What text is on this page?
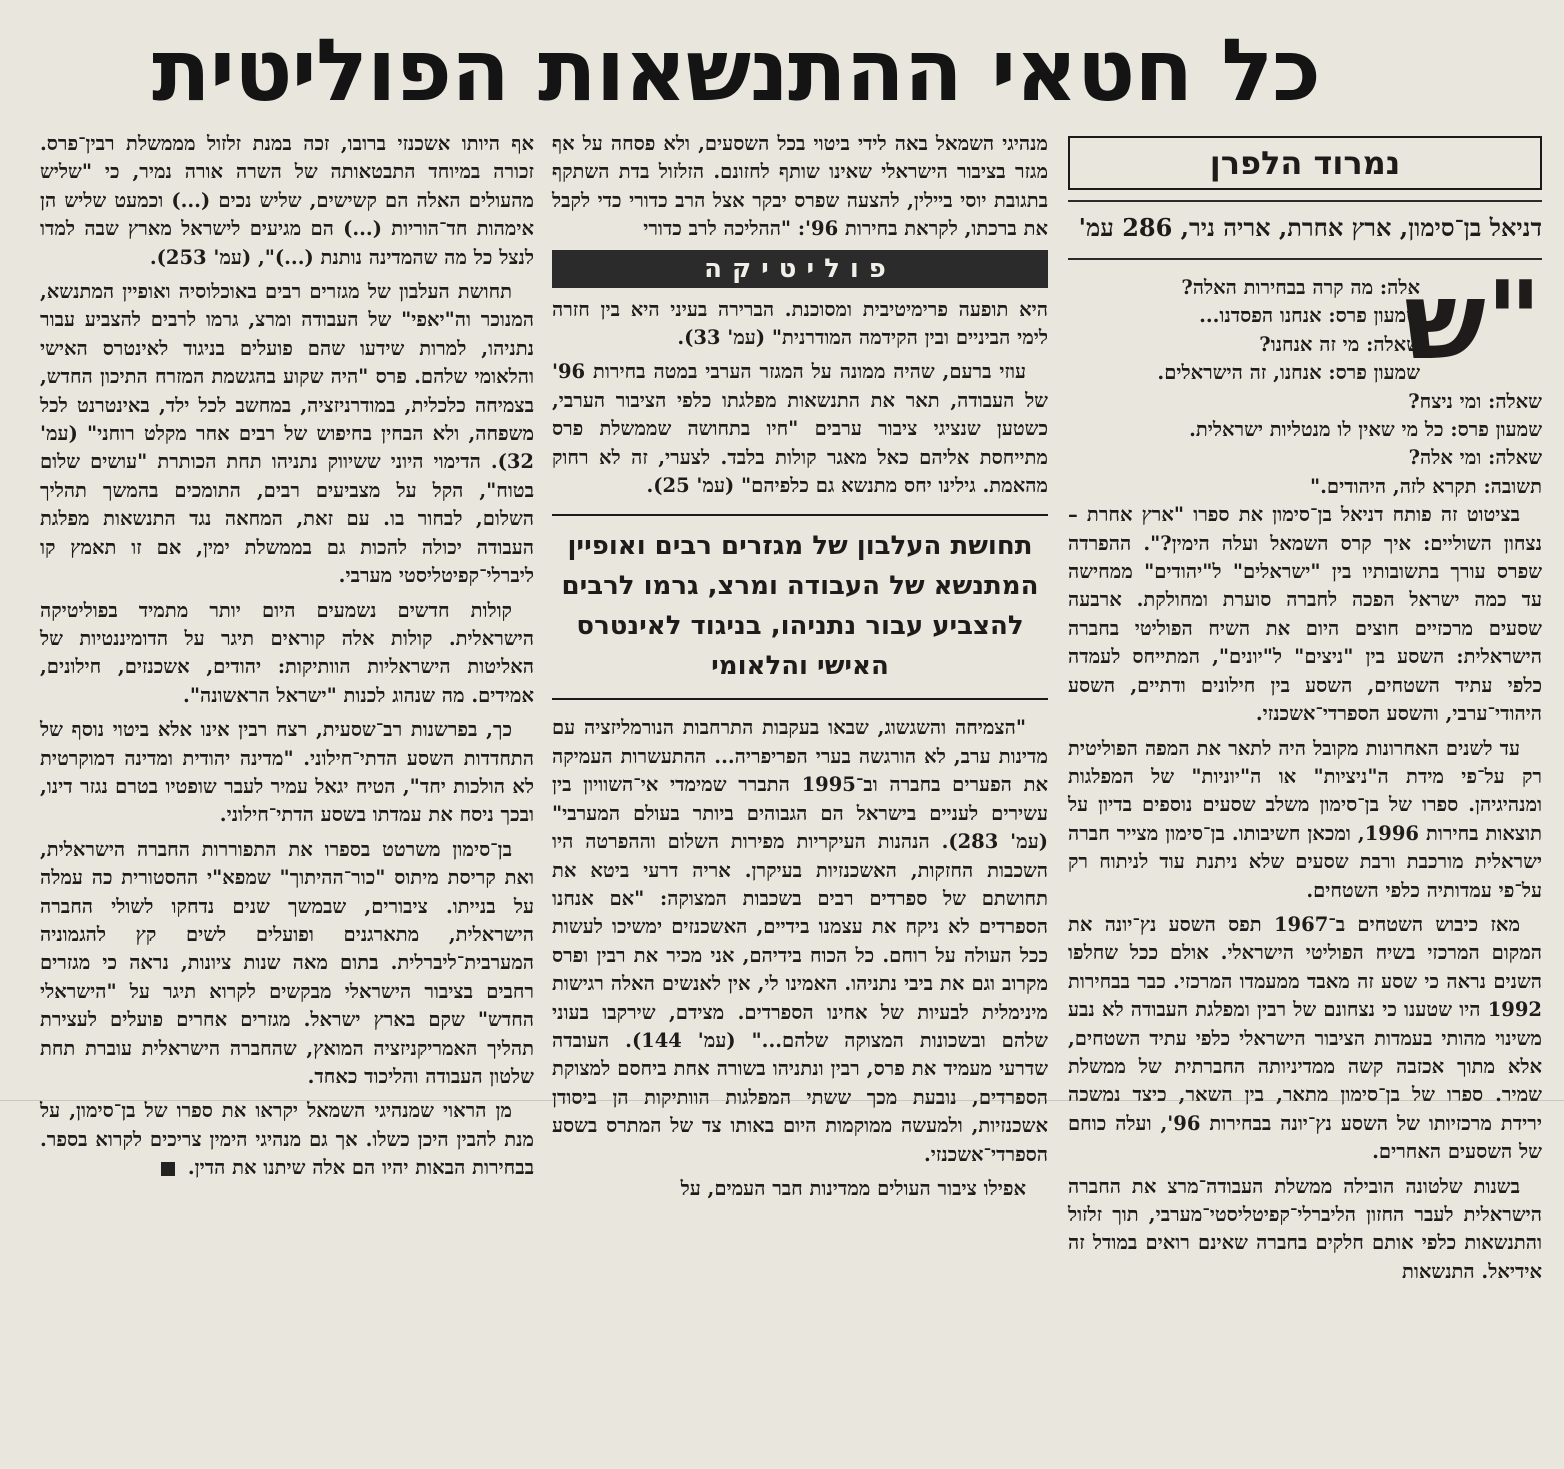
כל חטאי ההתנשאות הפוליטית
נמרוד הלפרן
דניאל בן־סימון, ארץ אחרת, אריה ניר, 286 עמ'
"ש
אלה: מה קרה בבחירות האלה?
שמעון פרס: אנחנו הפסדנו...
שאלה: מי זה אנחנו?
שמעון פרס: אנחנו, זה הישראלים.
שאלה: ומי ניצח?
שמעון פרס: כל מי שאין לו מנטליות ישראלית.
שאלה: ומי אלה?
תשובה: תקרא לזה, היהודים."

בציטוט זה פותח דניאל בן־סימון את ספרו "ארץ אחרת – נצחון השוליים: איך קרס השמאל ועלה הימין?". ההפרדה שפרס עורך בתשובותיו בין "ישראלים" ל"יהודים" ממחישה עד כמה ישראל הפכה לחברה סוערת ומחולקת. ארבעה שסעים מרכזיים חוצים היום את השיח הפוליטי בחברה הישראלית: השסע בין "ניצים" ל"יונים", המתייחס לעמדה כלפי עתיד השטחים, השסע בין חילונים ודתיים, השסע היהודי־ערבי, והשסע הספרדי־אשכנזי.

עד לשנים האחרונות מקובל היה לתאר את המפה הפוליטית רק על־פי מידת ה"ניציות" או ה"יוניות" של המפלגות ומנהיגיהן. ספרו של בן־סימון משלב שסעים נוספים בדיון על תוצאות בחירות 1996, ומכאן חשיבותו. בן־סימון מצייר חברה ישראלית מורכבת ורבת שסעים שלא ניתנת עוד לניתוח רק על־פי עמדותיה כלפי השטחים.

מאז כיבוש השטחים ב־1967 תפס השסע נץ־יונה את המקום המרכזי בשיח הפוליטי הישראלי. אולם ככל שחלפו השנים נראה כי שסע זה מאבד ממעמדו המרכזי. כבר בבחירות 1992 היו שטענו כי נצחונם של רבין ומפלגת העבודה לא נבע משינוי מהותי בעמדות הציבור הישראלי כלפי עתיד השטחים, אלא מתוך אכזבה קשה ממדיניותה החברתית של ממשלת שמיר. ספרו של בן־סימון מתאר, בין השאר, כיצד נמשכה ירידת מרכזיותו של השסע נץ־יונה בבחירות 96', ועלה כוחם של השסעים האחרים.

בשנות שלטונה הובילה ממשלת העבודה־מרצ את החברה הישראלית לעבר החזון הליברלי־קפיטליסטי־מערבי, תוך זלזול והתנשאות כלפי אותם חלקים בחברה שאינם רואים במודל זה אידיאל. התנשאות

מנהיגי השמאל באה לידי ביטוי בכל השסעים, ולא פסחה על אף מגזר בציבור הישראלי שאינו שותף לחזונם. הזלזול בדת השתקף בתגובת יוסי ביילין, להצעה שפרס יבקר אצל הרב כדורי כדי לקבל את ברכתו, לקראת בחירות 96': "ההליכה לרב כדורי

פוליטיקה

היא תופעה פרימיטיבית ומסוכנת. הברירה בעיני היא בין חזרה לימי הביניים ובין הקידמה המודרנית" (עמ' 33).

עוזי ברעם, שהיה ממונה על המגזר הערבי במטה בחירות 96' של העבודה, תאר את התנשאות מפלגתו כלפי הציבור הערבי, כשטען שנציגי ציבור ערבים "חיו בתחושה שממשלת פרס מתייחסת אליהם כאל מאגר קולות בלבד. לצערי, זה לא רחוק מהאמת. גילינו יחס מתנשא גם כלפיהם" (עמ' 25).

תחושת העלבון של מגזרים רבים ואופיין המתנשא של העבודה ומרצ, גרמו לרבים להצביע עבור נתניהו, בניגוד לאינטרס האישי והלאומי

"הצמיחה והשגשוג, שבאו בעקבות התרחבות הנורמליזציה עם מדינות ערב, לא הורגשה בערי הפריפריה... ההתעשרות העמיקה את הפערים בחברה וב־1995 התברר שמימדי אי־השוויון בין עשירים לעניים בישראל הם הגבוהים ביותר בעולם המערבי" (עמ' 283). הנהנות העיקריות מפירות השלום וההפרטה היו השכבות החזקות, האשכנזיות בעיקרן. אריה דרעי ביטא את תחושתם של ספרדים רבים בשכבות המצוקה: "אם אנחנו הספרדים לא ניקח את עצמנו בידיים, האשכנזים ימשיכו לעשות ככל העולה על רוחם. כל הכוח בידיהם, אני מכיר את רבין ופרס מקרוב וגם את ביבי נתניהו. האמינו לי, אין לאנשים האלה רגישות מינימלית לבעיות של אחינו הספרדים. מצידם, שירקבו בעוני שלהם ובשכונות המצוקה שלהם..." (עמ' 144). העובדה שדרעי מעמיד את פרס, רבין ונתניהו בשורה אחת ביחסם למצוקת הספרדים, נובעת מכך ששתי המפלגות הוותיקות הן ביסודן אשכנזיות, ולמעשה ממוקמות היום באותו צד של המתרס בשסע הספרדי־אשכנזי.

אפילו ציבור העולים ממדינות חבר העמים, על

אף היותו אשכנזי ברובו, זכה במנת זלזול מממשלת רבין־פרס. זכורה במיוחד התבטאותה של השרה אורה נמיר, כי "שליש מהעולים האלה הם קשישים, שליש נכים (...) וכמעט שליש הן אימהות חד־הוריות (...) הם מגיעים לישראל מארץ שבה למדו לנצל כל מה שהמדינה נותנת (...)", (עמ' 253).

תחושת העלבון של מגזרים רבים באוכלוסיה ואופיין המתנשא, המנוכר וה"יאפי" של העבודה ומרצ, גרמו לרבים להצביע עבור נתניהו, למרות שידעו שהם פועלים בניגוד לאינטרס האישי והלאומי שלהם. פרס "היה שקוע בהגשמת המזרח התיכון החדש, בצמיחה כלכלית, במודרניזציה, במחשב לכל ילד, באינטרנט לכל משפחה, ולא הבחין בחיפוש של רבים אחר מקלט רוחני" (עמ' 32). הדימוי היוני ששיווק נתניהו תחת הכותרת "עושים שלום בטוח", הקל על מצביעים רבים, התומכים בהמשך תהליך השלום, לבחור בו. עם זאת, המחאה נגד התנשאות מפלגת העבודה יכולה להכות גם בממשלת ימין, אם זו תאמץ קו ליברלי־קפיטליסטי מערבי.

קולות חדשים נשמעים היום יותר מתמיד בפוליטיקה הישראלית. קולות אלה קוראים תיגר על הדומיננטיות של האליטות הישראליות הוותיקות: יהודים, אשכנזים, חילונים, אמידים. מה שנהוג לכנות "ישראל הראשונה".

כך, בפרשנות רב־שסעית, רצח רבין אינו אלא ביטוי נוסף של התחדדות השסע הדתי־חילוני. "מדינה יהודית ומדינה דמוקרטית לא הולכות יחד", הטיח יגאל עמיר לעבר שופטיו בטרם נגזר דינו, ובכך ניסח את עמדתו בשסע הדתי־חילוני.

בן־סימון משרטט בספרו את התפוררות החברה הישראלית, ואת קריסת מיתוס "כור־ההיתוך" שמפא"י ההסטורית כה עמלה על בנייתו. ציבורים, שבמשך שנים נדחקו לשולי החברה הישראלית, מתארגנים ופועלים לשים קץ להגמוניה המערבית־ליברלית. בתום מאה שנות ציונות, נראה כי מגזרים רחבים בציבור הישראלי מבקשים לקרוא תיגר על "הישראלי החדש" שקם בארץ ישראל. מגזרים אחרים פועלים לעצירת תהליך האמריקניזציה המואץ, שהחברה הישראלית עוברת תחת שלטון העבודה והליכוד כאחד.

מן הראוי שמנהיגי השמאל יקראו את ספרו של בן־סימון, על מנת להבין היכן כשלו. אך גם מנהיגי הימין צריכים לקרוא בספר. בבחירות הבאות יהיו הם אלה שיתנו את הדין.
